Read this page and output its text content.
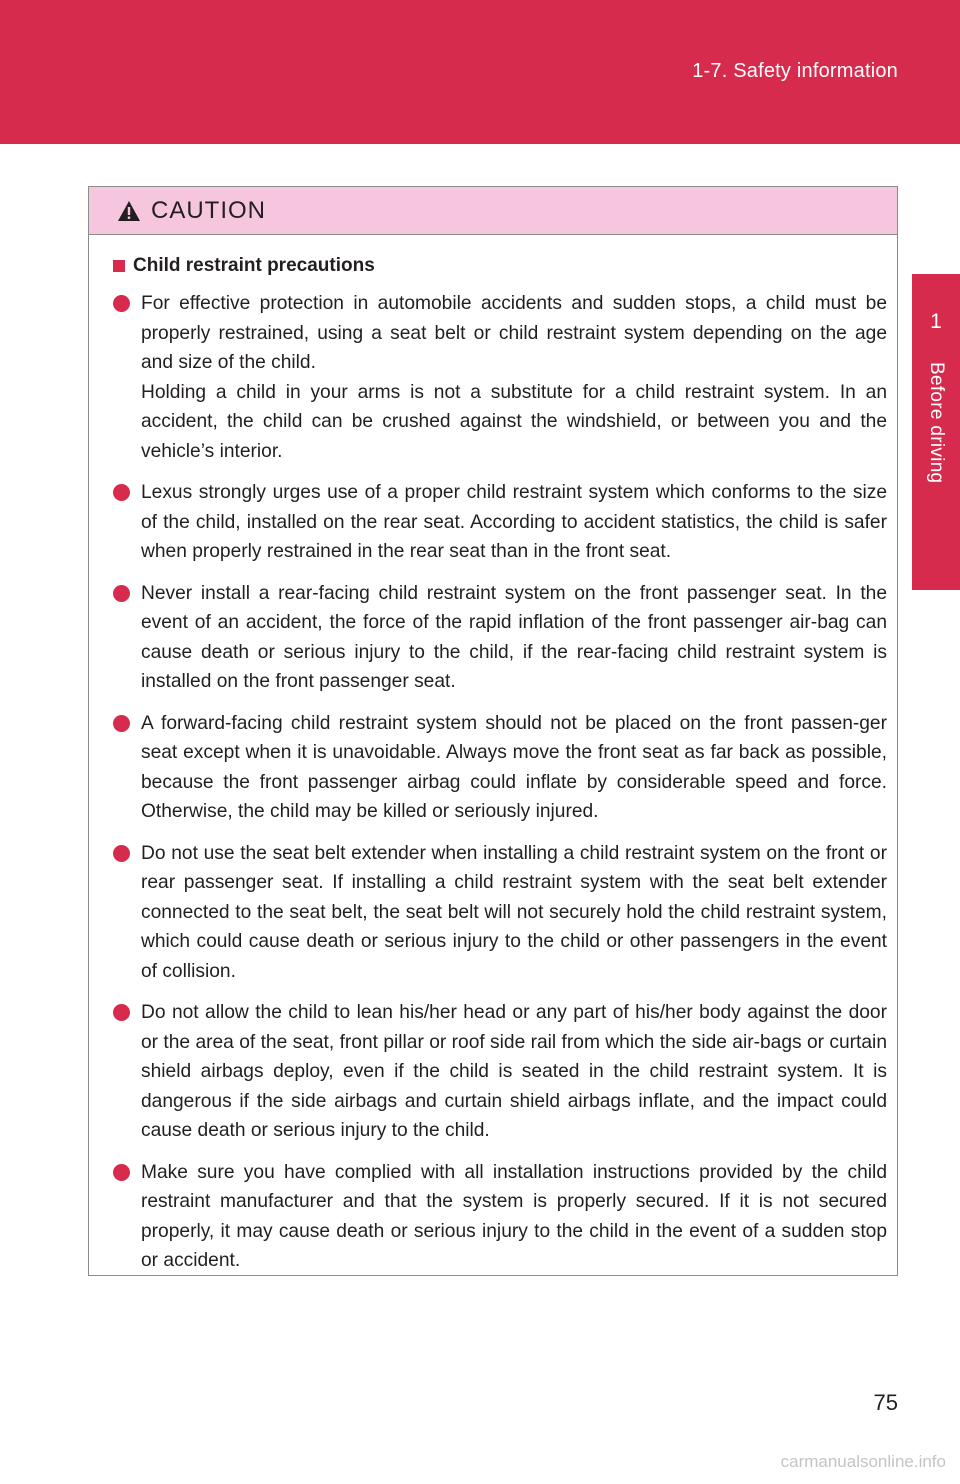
1-7. Safety information
1
Before driving
CAUTION
Child restraint precautions
For effective protection in automobile accidents and sudden stops, a child must be properly restrained, using a seat belt or child restraint system depending on the age and size of the child.
Holding a child in your arms is not a substitute for a child restraint system. In an accident, the child can be crushed against the windshield, or between you and the vehicle’s interior.
Lexus strongly urges use of a proper child restraint system which conforms to the size of the child, installed on the rear seat. According to accident statistics, the child is safer when properly restrained in the rear seat than in the front seat.
Never install a rear-facing child restraint system on the front passenger seat. In the event of an accident, the force of the rapid inflation of the front passenger air-bag can cause death or serious injury to the child, if the rear-facing child restraint system is installed on the front passenger seat.
A forward-facing child restraint system should not be placed on the front passen-ger seat except when it is unavoidable. Always move the front seat as far back as possible, because the front passenger airbag could inflate by considerable speed and force. Otherwise, the child may be killed or seriously injured.
Do not use the seat belt extender when installing a child restraint system on the front or rear passenger seat. If installing a child restraint system with the seat belt extender connected to the seat belt, the seat belt will not securely hold the child restraint system, which could cause death or serious injury to the child or other passengers in the event of collision.
Do not allow the child to lean his/her head or any part of his/her body against the door or the area of the seat, front pillar or roof side rail from which the side air-bags or curtain shield airbags deploy, even if the child is seated in the child restraint system. It is dangerous if the side airbags and curtain shield airbags inflate, and the impact could cause death or serious injury to the child.
Make sure you have complied with all installation instructions provided by the child restraint manufacturer and that the system is properly secured. If it is not secured properly, it may cause death or serious injury to the child in the event of a sudden stop or accident.
75
carmanualsonline.info
